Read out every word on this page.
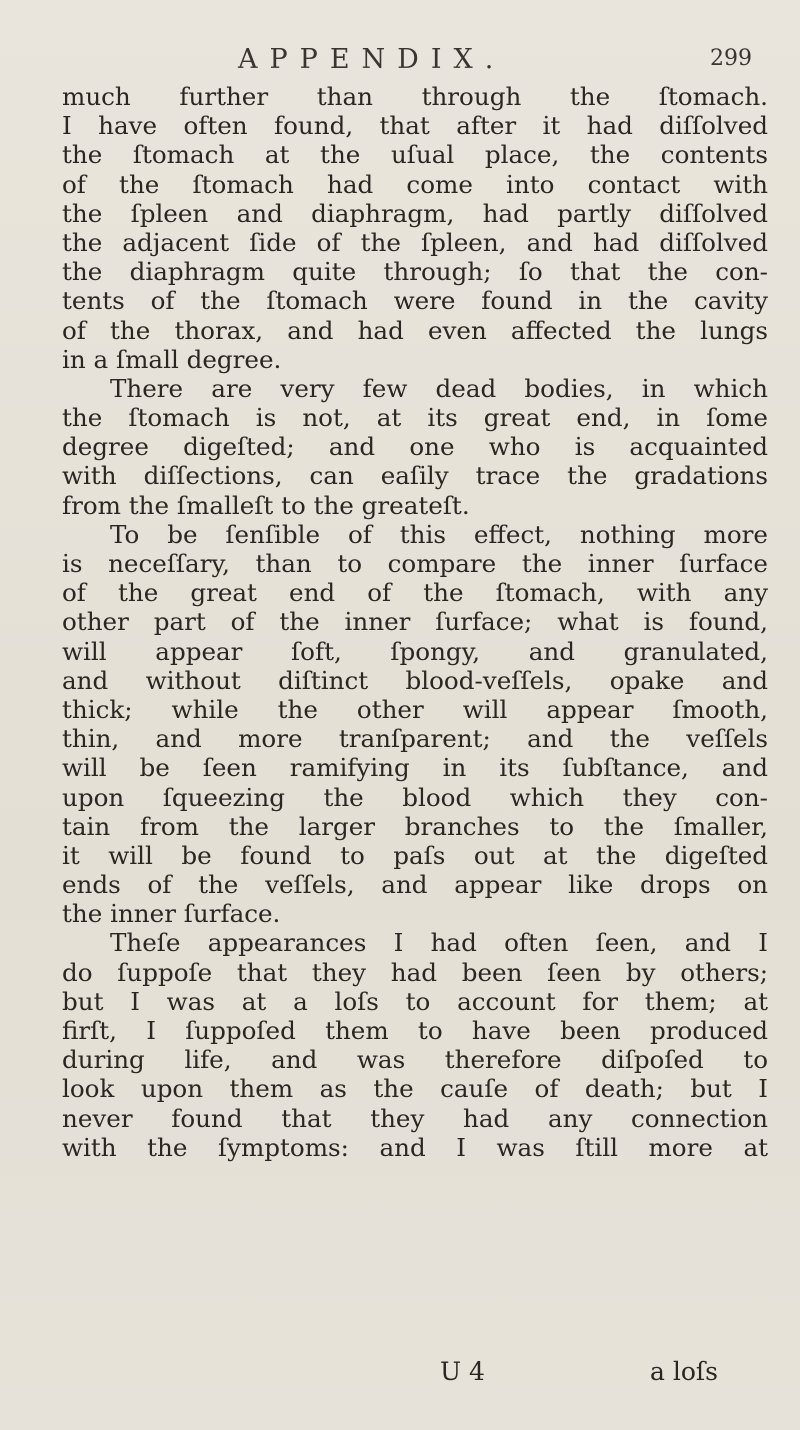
APPENDIX.	299
much further than through the ſtomach.
I have often found, that after it had diſſolved
the ſtomach at the uſual place, the contents
of the ſtomach had come into contact with
the ſpleen and diaphragm, had partly diſſolved
the adjacent ſide of the ſpleen, and had diſſolved
the diaphragm quite through; ſo that the con-
tents of the ſtomach were found in the cavity
of the thorax, and had even affected the lungs
in a ſmall degree.
There are very few dead bodies, in which
the ſtomach is not, at its great end, in ſome
degree digeſted; and one who is acquainted
with diſſections, can eaſily trace the gradations
from the ſmalleſt to the greateſt.
To be ſenſible of this effect, nothing more
is neceſſary, than to compare the inner ſurface
of the great end of the ſtomach, with any
other part of the inner ſurface; what is found,
will appear ſoft, ſpongy, and granulated,
and without diſtinct blood-veſſels, opake and
thick; while the other will appear ſmooth,
thin, and more tranſparent; and the veſſels
will be ſeen ramifying in its ſubſtance, and
upon ſqueezing the blood which they con-
tain from the larger branches to the ſmaller,
it will be found to paſs out at the digeſted
ends of the veſſels, and appear like drops on
the inner ſurface.
Theſe appearances I had often ſeen, and I
do ſuppoſe that they had been ſeen by others;
but I was at a loſs to account for them; at
firſt, I ſuppoſed them to have been produced
during life, and was therefore diſpoſed to
look upon them as the cauſe of death; but I
never found that they had any connection
with the ſymptoms: and I was ſtill more at
U 4	a loſs
